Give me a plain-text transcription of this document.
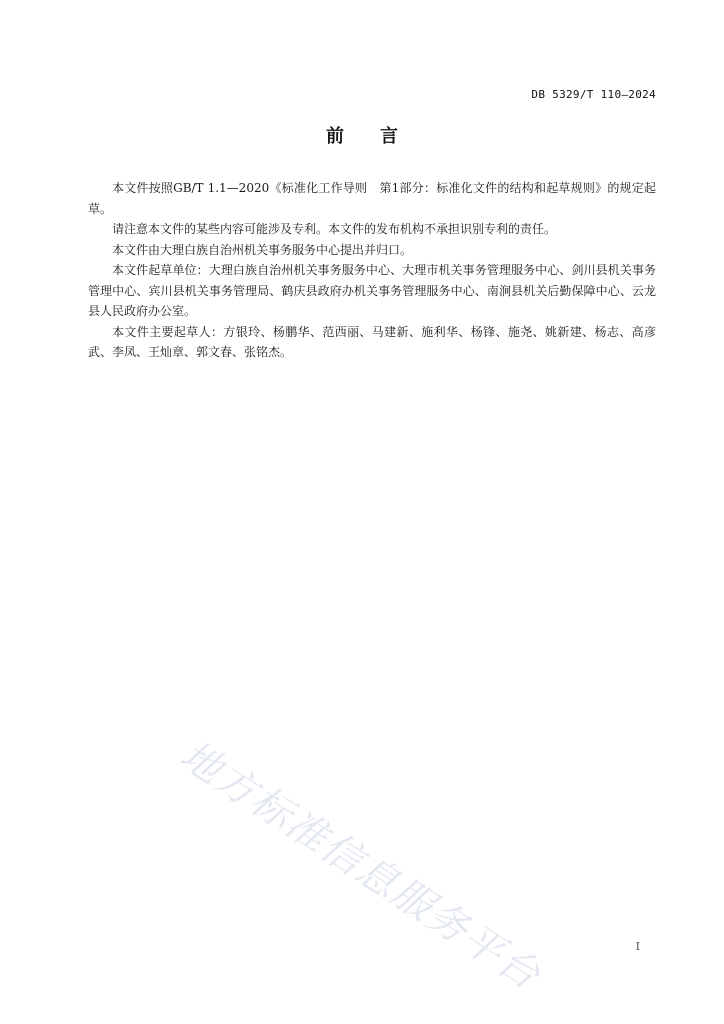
DB 5329/T 110—2024
前 言

本文件按照GB/T 1.1—2020《标准化工作导则　第1部分：标准化文件的结构和起草规则》的规定起草。

请注意本文件的某些内容可能涉及专利。本文件的发布机构不承担识别专利的责任。

本文件由大理白族自治州机关事务服务中心提出并归口。

本文件起草单位：大理白族自治州机关事务服务中心、大理市机关事务管理服务中心、剑川县机关事务管理中心、宾川县机关事务管理局、鹤庆县政府办机关事务管理服务中心、南涧县机关后勤保障中心、云龙县人民政府办公室。

本文件主要起草人：方银玲、杨鹏华、范西丽、马建新、施利华、杨锋、施尧、姚新建、杨志、高彦武、李凤、王灿章、郭文春、张铭杰。

地方标准信息服务平台	I
